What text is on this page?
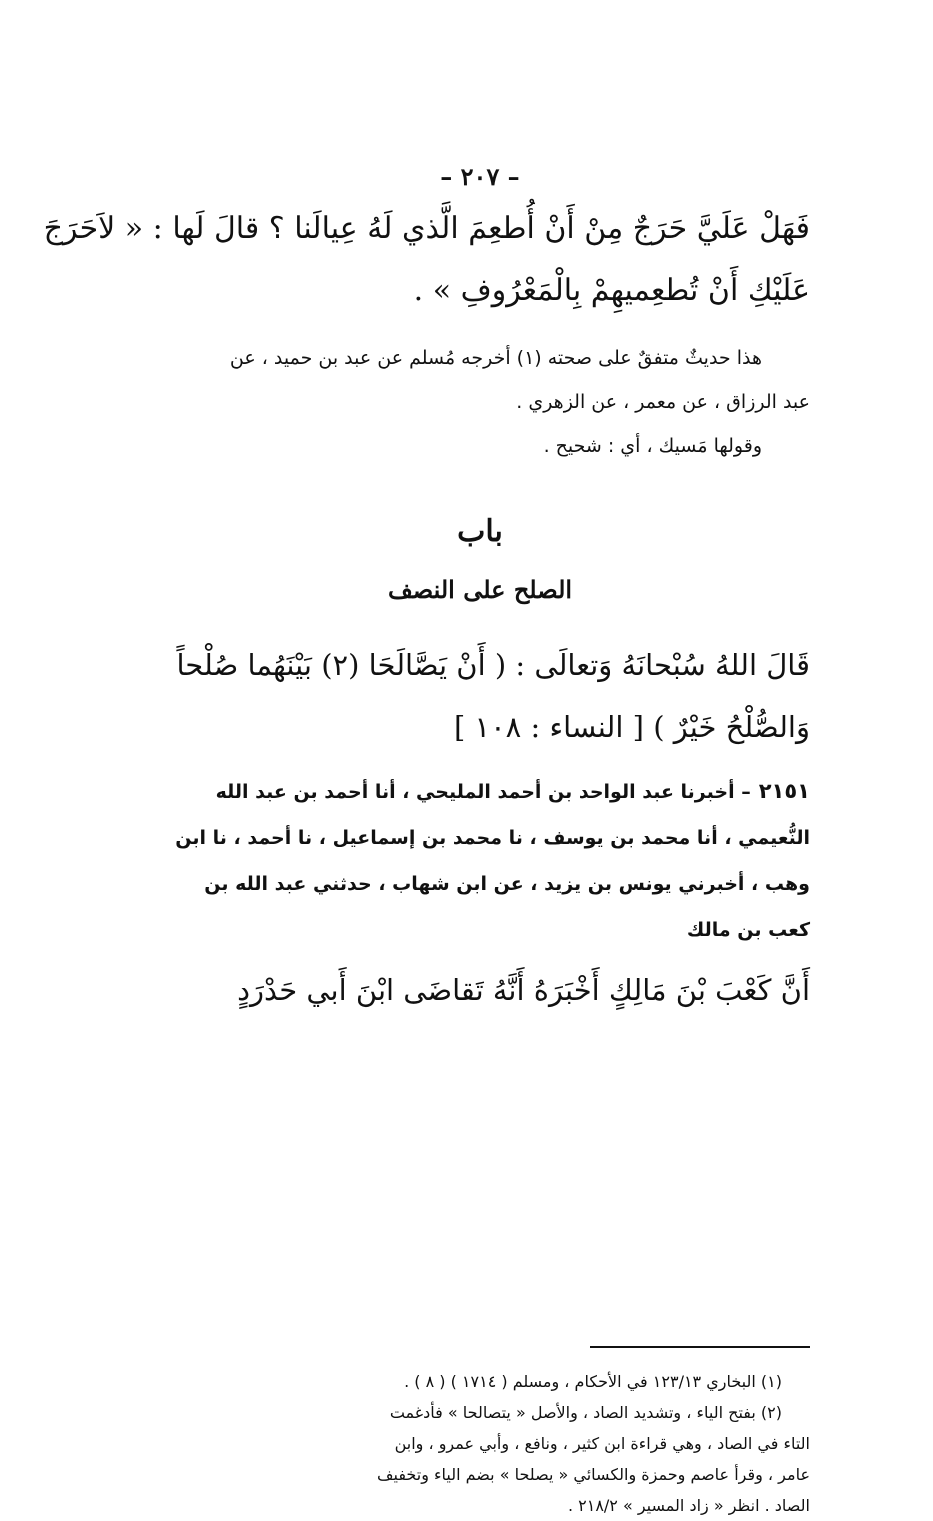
– ٢٠٧ –
فَهَلْ عَلَيَّ حَرَجٌ مِنْ أَنْ أُطعِمَ الَّذي لَهُ عِيالَنا ؟ قالَ لَها : « لاَحَرَجَ
عَلَيْكِ أَنْ تُطعِميهِمْ بِالْمَعْرُوفِ » .
هذا حديثٌ متفقٌ على صحته (١) أخرجه مُسلم عن عبد بن حميد ، عن
عبد الرزاق ، عن معمر ، عن الزهري .
وقولها مَسيك ، أي : شحيح .
باب
الصلح على النصف
قَالَ اللهُ سُبْحانَهُ وَتعالَى : ( أَنْ يَصَّالَحَا (٢) بَيْنَهُما صُلْحاً
وَالصُّلْحُ خَيْرٌ ) [ النساء : ١٠٨ ]
٢١٥١– أخبرنا عبد الواحد بن أحمد المليحي ، أنا أحمد بن عبد الله
النُّعيمي ، أنا محمد بن يوسف ، نا محمد بن إسماعيل ، نا أحمد ، نا ابن
وهب ، أخبرني يونس بن يزيد ، عن ابن شهاب ، حدثني عبد الله بن
كعب بن مالك
أَنَّ كَعْبَ بْنَ مَالِكٍ أَخْبَرَهُ أَنَّهُ تَقاضَى ابْنَ أَبي حَدْرَدٍ
(١) البخاري ١٢٣/١٣ في الأحكام ، ومسلم ( ١٧١٤ ) ( ٨ ) .
(٢) بفتح الياء ، وتشديد الصاد ، والأصل « يتصالحا » فأدغمت
التاء في الصاد ، وهي قراءة ابن كثير ، ونافع ، وأبي عمرو ، وابن
عامر ، وقرأ عاصم وحمزة والكسائي « يصلحا » بضم الياء وتخفيف
الصاد . انظر « زاد المسير » ٢١٨/٢ .
